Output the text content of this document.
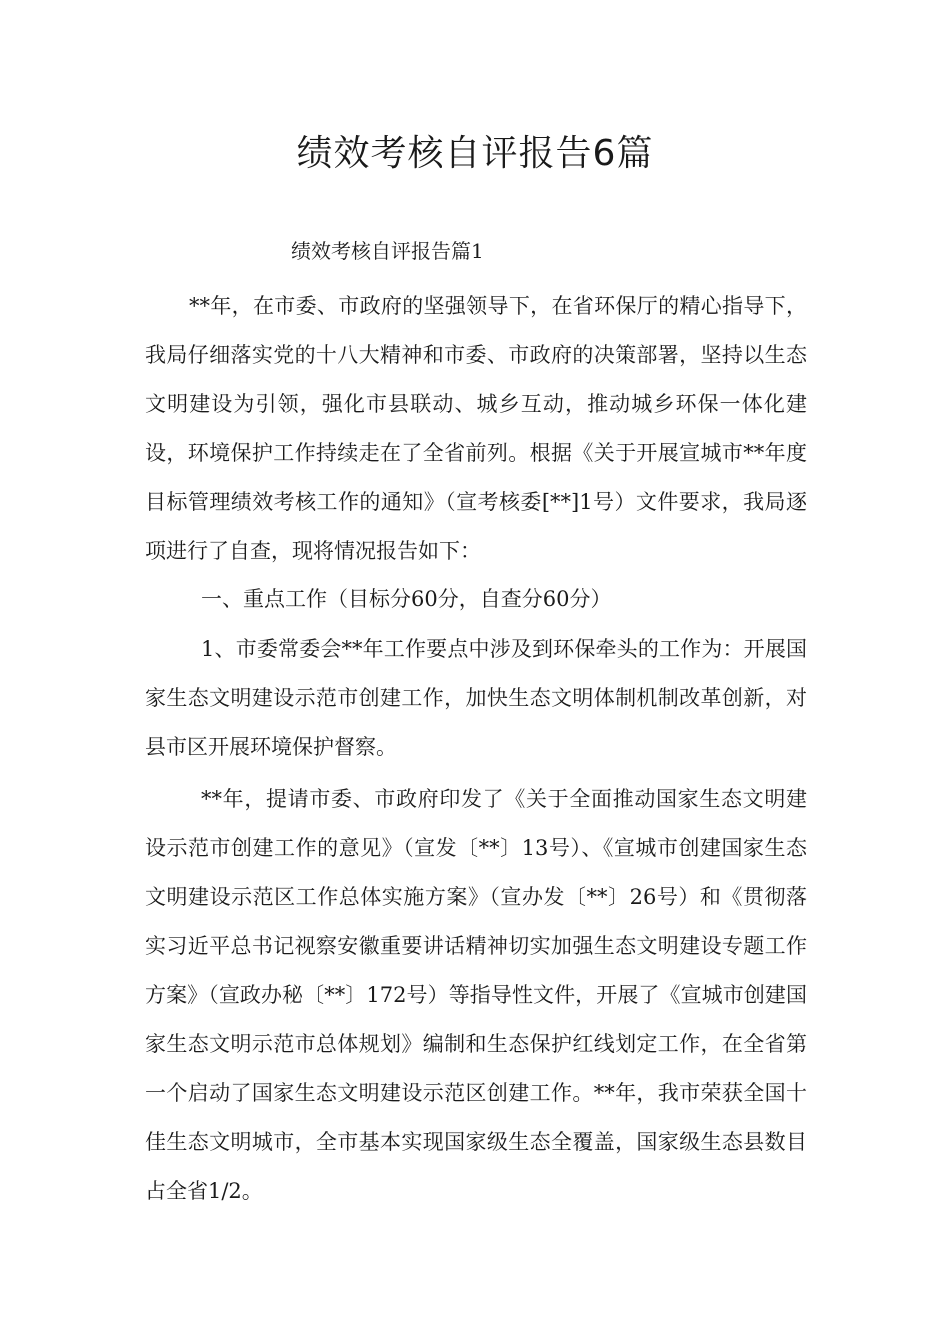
绩效考核自评报告6篇

绩效考核自评报告篇1

**年，在市委、市政府的坚强领导下，在省环保厅的精心指导下，我局仔细落实党的十八大精神和市委、市政府的决策部署，坚持以生态文明建设为引领，强化市县联动、城乡互动，推动城乡环保一体化建设，环境保护工作持续走在了全省前列。根据《关于开展宣城市**年度目标管理绩效考核工作的通知》（宣考核委[**]1号）文件要求，我局逐项进行了自查，现将情况报告如下：

一、重点工作（目标分60分，自查分60分）

1、市委常委会**年工作要点中涉及到环保牵头的工作为：开展国家生态文明建设示范市创建工作，加快生态文明体制机制改革创新，对县市区开展环境保护督察。

**年，提请市委、市政府印发了《关于全面推动国家生态文明建设示范市创建工作的意见》（宣发〔**〕13号）、《宣城市创建国家生态文明建设示范区工作总体实施方案》（宣办发〔**〕26号）和《贯彻落实习近平总书记视察安徽重要讲话精神切实加强生态文明建设专题工作方案》（宣政办秘〔**〕172号）等指导性文件，开展了《宣城市创建国家生态文明示范市总体规划》编制和生态保护红线划定工作，在全省第一个启动了国家生态文明建设示范区创建工作。**年，我市荣获全国十佳生态文明城市，全市基本实现国家级生态全覆盖，国家级生态县数目占全省1/2。
